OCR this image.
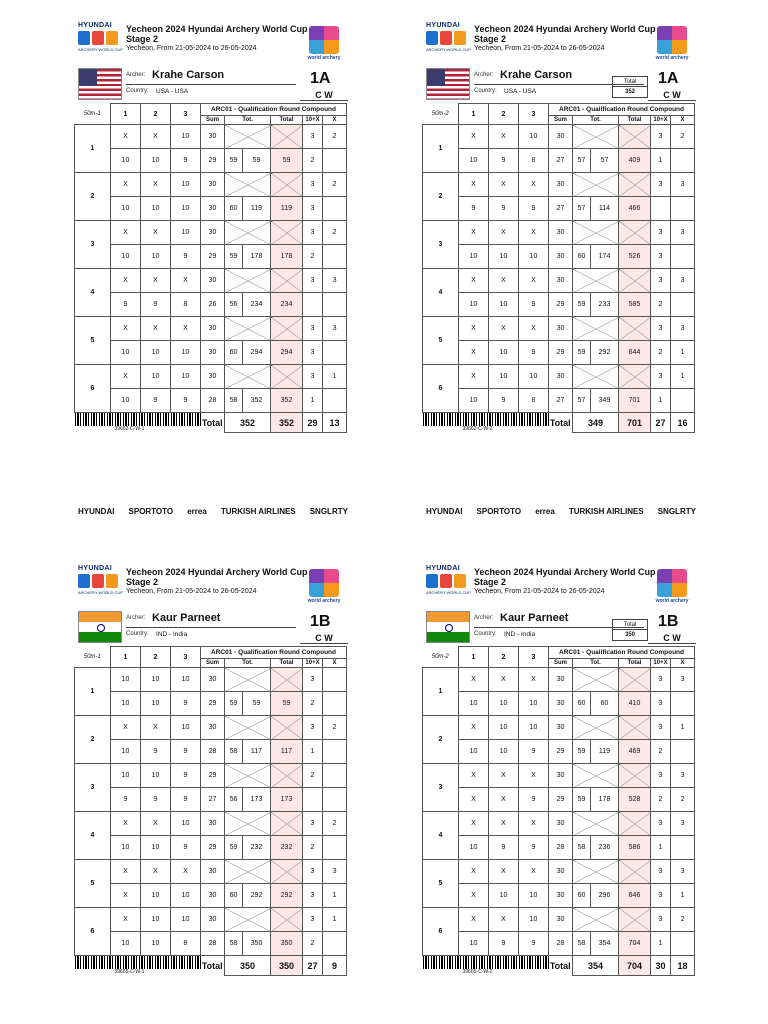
HYUNDAI
ARCHERY WORLD CUP
Yecheon 2024 Hyundai Archery World Cup
Stage 2
Yecheon, From 21-05-2024 to 26-05-2024
world archery
Archer: Krahe Carson
Country: USA - USA
1A
C W
50m-1	1	2	3	ARC01 - Qualification Round Compound					
				Sum	Tot.		Total	10+X	X
1	X	X	10	30				3	2
	10	10	9	29	59	59	59	2	
2	X	X	10	30				3	2
	10	10	10	30	60	119	119	3	
3	X	X	10	30				3	2
	10	10	9	29	59	178	178	2	
4	X	X	X	30				3	3
	9	9	8	26	56	234	234		
5	X	X	X	30				3	3
	10	10	10	30	60	294	294	3	
6	X	10	10	30				3	1
	10	9	9	28	58	352	352	1	

39662-C-W-1				Total	352		352	29	13
HYUNDAI SPORTOTO errea TURKISH AIRLINES SNGLRTY
HYUNDAI
ARCHERY WORLD CUP
Yecheon 2024 Hyundai Archery World Cup
Stage 2
Yecheon, From 21-05-2024 to 26-05-2024
world archery
Archer: Krahe Carson
Country: USA - USA
Total
352
1A
C W
50m-2	1	2	3	ARC01 - Qualification Round Compound					
				Sum	Tot.		Total	10+X	X
1	X	X	10	30				3	2
	10	9	8	27	57	57	409	1	
2	X	X	X	30				3	3
	9	9	9	27	57	114	466		
3	X	X	X	30				3	3
	10	10	10	30	60	174	526	3	
4	X	X	X	30				3	3
	10	10	9	29	59	233	585	2	
5	X	X	X	30				3	3
	X	10	9	29	59	292	644	2	1
6	X	10	10	30				3	1
	10	9	8	27	57	349	701	1	

39662-C-W-2				Total	349		701	27	16
HYUNDAI SPORTOTO errea TURKISH AIRLINES SNGLRTY
HYUNDAI
ARCHERY WORLD CUP
Yecheon 2024 Hyundai Archery World Cup
Stage 2
Yecheon, From 21-05-2024 to 26-05-2024
world archery
Archer: Kaur Parneet
Country: IND - India
1B
C W
50m-1	1	2	3	ARC01 - Qualification Round Compound					
				Sum	Tot.		Total	10+X	X
1	10	10	10	30				3	
	10	10	9	29	59	59	59	2	
2	X	X	10	30				3	2
	10	9	9	28	58	117	117	1	
3	10	10	9	29				2	
	9	9	9	27	56	173	173		
4	X	X	10	30				3	2
	10	10	9	29	59	232	232	2	
5	X	X	X	30				3	3
	X	10	10	30	60	292	292	3	1
6	X	10	10	30				3	1
	10	10	8	28	58	350	350	2	

39665-C-W-1				Total	350		350	27	9
HYUNDAI
ARCHERY WORLD CUP
Yecheon 2024 Hyundai Archery World Cup
Stage 2
Yecheon, From 21-05-2024 to 26-05-2024
world archery
Archer: Kaur Parneet
Country: IND - India
Total
350
1B
C W
50m-2	1	2	3	ARC01 - Qualification Round Compound					
				Sum	Tot.		Total	10+X	X
1	X	X	X	30				3	3
	10	10	10	30	60	60	410	3	
2	X	10	10	30				3	1
	10	10	9	29	59	119	469	2	
3	X	X	X	30				3	3
	X	X	9	29	59	178	528	2	2
4	X	X	X	30				3	3
	10	9	9	28	58	236	586	1	
5	X	X	X	30				3	3
	X	10	10	30	60	296	646	3	1
6	X	X	10	30				3	2
	10	9	9	28	58	354	704	1	

39665-C-W-2				Total	354		704	30	18
